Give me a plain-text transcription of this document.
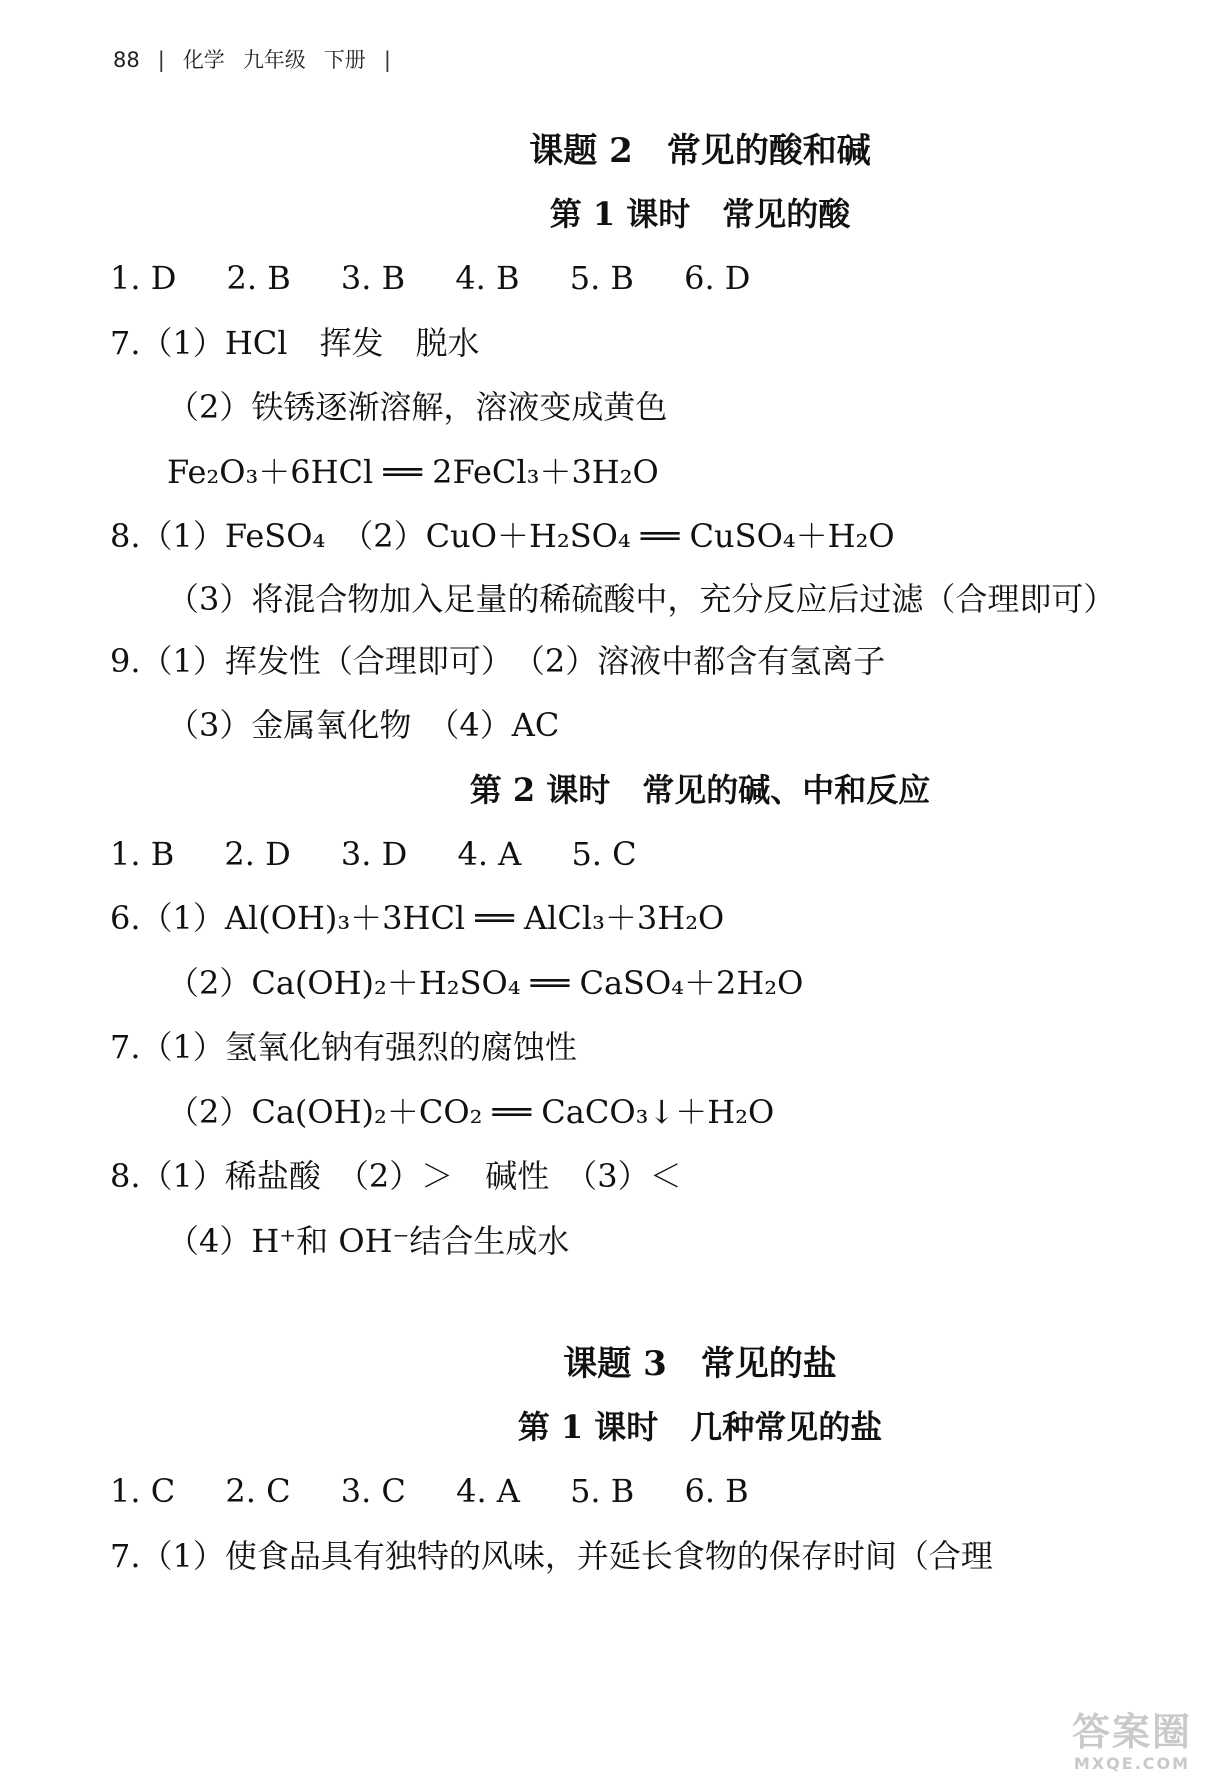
88 | 化学 九年级 下册 |
课题 2　常见的酸和碱
第 1 课时　常见的酸
1. D 2. B 3. B 4. B 5. B 6. D
7.（1）HCl　挥发　脱水
（2）铁锈逐渐溶解，溶液变成黄色
Fe₂O₃＋6HCl ══ 2FeCl₃＋3H₂O
8.（1）FeSO₄　（2）CuO＋H₂SO₄ ══ CuSO₄＋H₂O
（3）将混合物加入足量的稀硫酸中，充分反应后过滤（合理即可）
9.（1）挥发性（合理即可）　（2）溶液中都含有氢离子
（3）金属氧化物　（4）AC
第 2 课时　常见的碱、中和反应
1. B 2. D 3. D 4. A 5. C
6.（1）Al(OH)₃＋3HCl ══ AlCl₃＋3H₂O
（2）Ca(OH)₂＋H₂SO₄ ══ CaSO₄＋2H₂O
7.（1）氢氧化钠有强烈的腐蚀性
（2）Ca(OH)₂＋CO₂ ══ CaCO₃↓＋H₂O
8.（1）稀盐酸　（2）＞　碱性　（3）＜
（4）H⁺和 OH⁻结合生成水
课题 3　常见的盐
第 1 课时　几种常见的盐
1. C 2. C 3. C 4. A 5. B 6. B
7.（1）使食品具有独特的风味，并延长食物的保存时间（合理
答案圈
MXQE.COM
